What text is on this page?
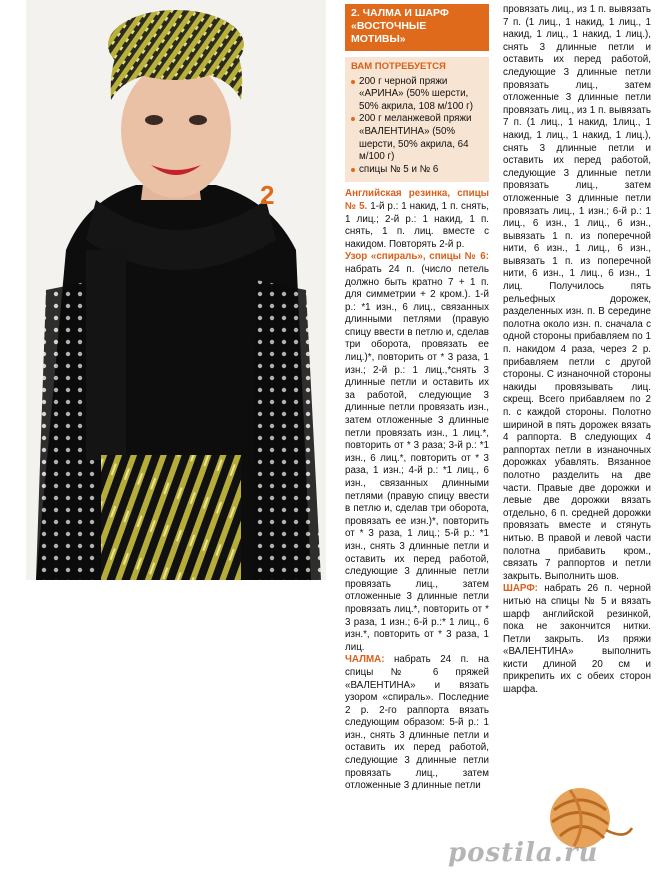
2
2. ЧАЛМА И ШАРФ
«ВОСТОЧНЫЕ МОТИВЫ»
ВАМ ПОТРЕБУЕТСЯ
200 г черной пряжи «АРИНА» (50% шерсти, 50% акрила, 108 м/100 г)
200 г меланжевой пряжи «ВАЛЕНТИНА» (50% шерсти, 50% акрила, 64 м/100 г)
спицы № 5 и № 6

Английская резинка, спицы № 5. 1-й р.: 1 накид, 1 п. снять, 1 лиц.; 2-й р.: 1 накид, 1 п. снять, 1 п. лиц. вместе с накидом. Повторять 2-й р.

Узор «спираль», спицы № 6: набрать 24 п. (число петель должно быть кратно 7 + 1 п. для симметрии + 2 кром.). 1-й р.: *1 изн., 6 лиц., связанных длинными петлями (правую спицу ввести в петлю и, сделав три оборота, провязать ее лиц.)*, повторить от * 3 раза, 1 изн.; 2-й р.: 1 лиц.,*снять 3 длинные петли и оставить их за работой, следующие 3 длинные петли провязать изн., затем отложенные 3 длинные петли провязать изн., 1 лиц.*, повторить от * 3 раза; 3-й р.: *1 изн., 6 лиц.*, повторить от * 3 раза, 1 изн.; 4-й р.: *1 лиц., 6 изн., связанных длинными петлями (правую спицу ввести в петлю и, сделав три оборота, провязать ее изн.)*, повторить от * 3 раза, 1 лиц.; 5-й р.: *1 изн., снять 3 длинные петли и оставить их перед работой, следующие 3 длинные петли провязать лиц., затем отложенные 3 длинные петли провязать лиц.*, повторить от * 3 раза, 1 изн.; 6-й р.:* 1 лиц., 6 изн.*, повторить от * 3 раза, 1 лиц.

ЧАЛМА: набрать 24 п. на спицы № 6 пряжей «ВАЛЕНТИНА» и вязать узором «спираль». Последние 2 р. 2-го раппорта вязать следующим образом: 5-й р.: 1 изн., снять 3 длинные петли и оставить их перед работой, следующие 3 длинные петли провязать лиц., затем отложенные 3 длинные петли

провязать лиц., из 1 п. вывязать 7 п. (1 лиц., 1 накид, 1 лиц., 1 накид, 1 лиц., 1 накид, 1 лиц.), снять 3 длинные петли и оставить их перед работой, следующие 3 длинные петли провязать лиц., затем отложенные 3 длинные петли провязать лиц., из 1 п. вывязать 7 п. (1 лиц., 1 накид, 1лиц., 1 накид, 1 лиц., 1 накид, 1 лиц.), снять 3 длинные петли и оставить их перед работой, следующие 3 длинные петли провязать лиц., затем отложенные 3 длинные петли провязать лиц., 1 изн.; 6-й р.: 1 лиц., 6 изн., 1 лиц., 6 изн., вывязать 1 п. из поперечной нити, 6 изн., 1 лиц., 6 изн., вывязать 1 п. из поперечной нити, 6 изн., 1 лиц., 6 изн., 1 лиц. Получилось пять рельефных дорожек, разделенных изн. п. В середине полотна около изн. п. сначала с одной стороны прибавляем по 1 п. накидом 4 раза, через 2 р. прибавляем петли с другой стороны. С изнаночной стороны накиды провязывать лиц. скрещ. Всего прибавляем по 2 п. с каждой стороны. Полотно шириной в пять дорожек вязать 4 раппорта. В следующих 4 раппортах петли в изнаночных дорожках убавлять. Вязанное полотно разделить на две части. Правые две дорожки и левые две дорожки вязать отдельно, 6 п. средней дорожки провязать вместе и стянуть нитью. В правой и левой части полотна прибавить кром., связать 7 раппортов и петли закрыть. Выполнить шов.

ШАРФ: набрать 26 п. черной нитью на спицы № 5 и вязать шарф английской резинкой, пока не закончится нитки. Петли закрыть. Из пряжи «ВАЛЕНТИНА» выполнить кисти длиной 20 см и прикрепить их с обеих сторон шарфа.

postila.ru
